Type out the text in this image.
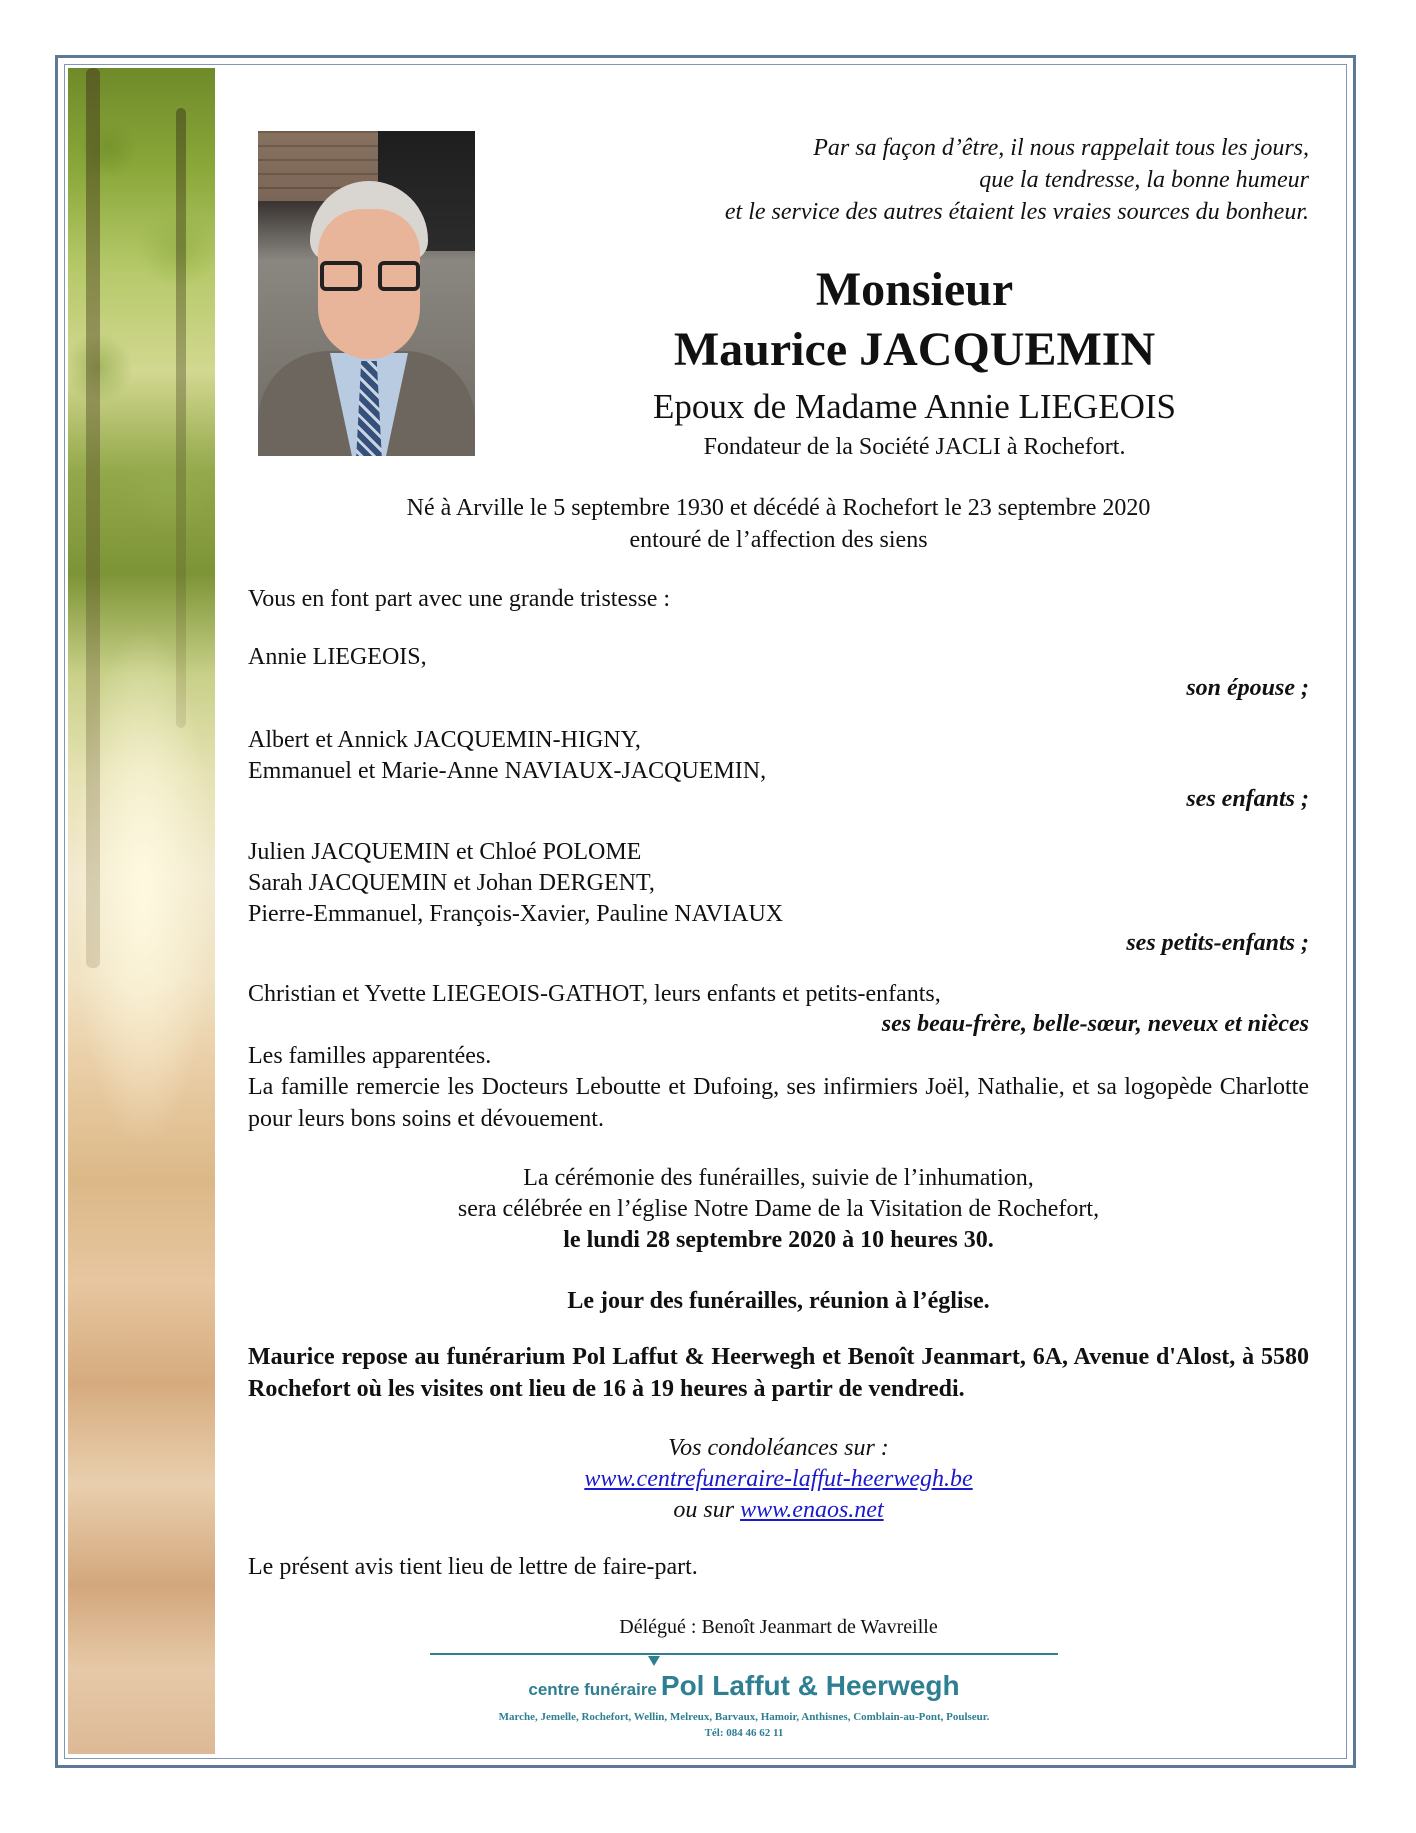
Par sa façon d’être, il nous rappelait tous les jours,

que la tendresse, la bonne humeur

et le service des autres étaient les vraies sources du bonheur.

Monsieur
Maurice JACQUEMIN

Epoux de Madame Annie LIEGEOIS

Fondateur de la Société JACLI à Rochefort.

Né à Arville le 5 septembre 1930 et décédé à Rochefort le 23 septembre 2020

entouré de l’affection des siens

Vous en font part avec une grande tristesse :

Annie LIEGEOIS,

son épouse ;

Albert et Annick JACQUEMIN-HIGNY,

Emmanuel et Marie-Anne NAVIAUX-JACQUEMIN,

ses enfants ;

Julien JACQUEMIN et Chloé POLOME

Sarah JACQUEMIN et Johan DERGENT,

Pierre-Emmanuel, François-Xavier, Pauline NAVIAUX

ses petits-enfants ;

Christian et Yvette LIEGEOIS-GATHOT, leurs enfants et petits-enfants,

ses beau-frère, belle-sœur, neveux et nièces

Les familles apparentées.

La famille remercie les Docteurs Leboutte et Dufoing, ses infirmiers Joël, Nathalie, et sa logopède Charlotte pour leurs bons soins et dévouement.

La cérémonie des funérailles, suivie de l’inhumation,

sera célébrée en l’église Notre Dame de la Visitation de Rochefort,

le lundi 28 septembre 2020 à 10 heures 30.

Le jour des funérailles, réunion à l’église.

Maurice repose au funérarium Pol Laffut & Heerwegh et Benoît Jeanmart, 6A, Avenue d'Alost, à 5580 Rochefort où les visites ont lieu de 16 à 19 heures à partir de vendredi.

Vos condoléances sur :

www.centrefuneraire-laffut-heerwegh.be

ou sur www.enaos.net

Le présent avis tient lieu de lettre de faire-part.

Délégué : Benoît Jeanmart de Wavreille

centre funéraire Pol Laffut & Heerwegh
Marche, Jemelle, Rochefort, Wellin, Melreux, Barvaux, Hamoir, Anthisnes, Comblain-au-Pont, Poulseur.
Tél: 084 46 62 11
